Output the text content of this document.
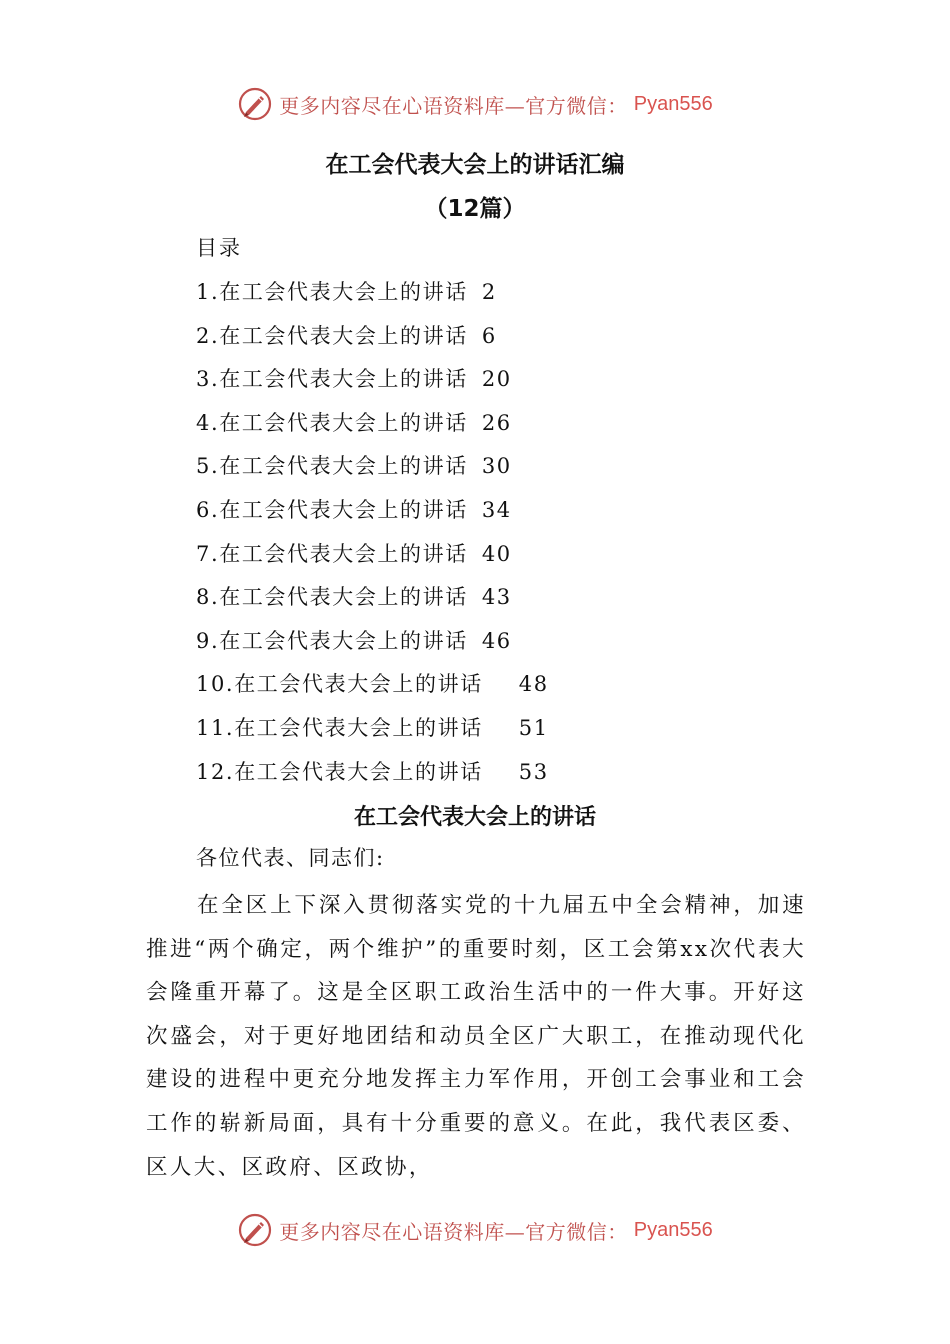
更多内容尽在心语资料库—官方微信： Pyan556
在工会代表大会上的讲话汇编
（12篇）
目录
1.在工会代表大会上的讲话 2
2.在工会代表大会上的讲话 6
3.在工会代表大会上的讲话 20
4.在工会代表大会上的讲话 26
5.在工会代表大会上的讲话 30
6.在工会代表大会上的讲话 34
7.在工会代表大会上的讲话 40
8.在工会代表大会上的讲话 43
9.在工会代表大会上的讲话 46
10.在工会代表大会上的讲话 48
11.在工会代表大会上的讲话 51
12.在工会代表大会上的讲话 53
在工会代表大会上的讲话
各位代表、同志们:

在全区上下深入贯彻落实党的十九届五中全会精神，加速推进“两个确定，两个维护”的重要时刻，区工会第xx次代表大会隆重开幕了。这是全区职工政治生活中的一件大事。开好这次盛会，对于更好地团结和动员全区广大职工，在推动现代化建设的进程中更充分地发挥主力军作用，开创工会事业和工会工作的崭新局面，具有十分重要的意义。在此，我代表区委、区人大、区政府、区政协，

更多内容尽在心语资料库—官方微信： Pyan556
